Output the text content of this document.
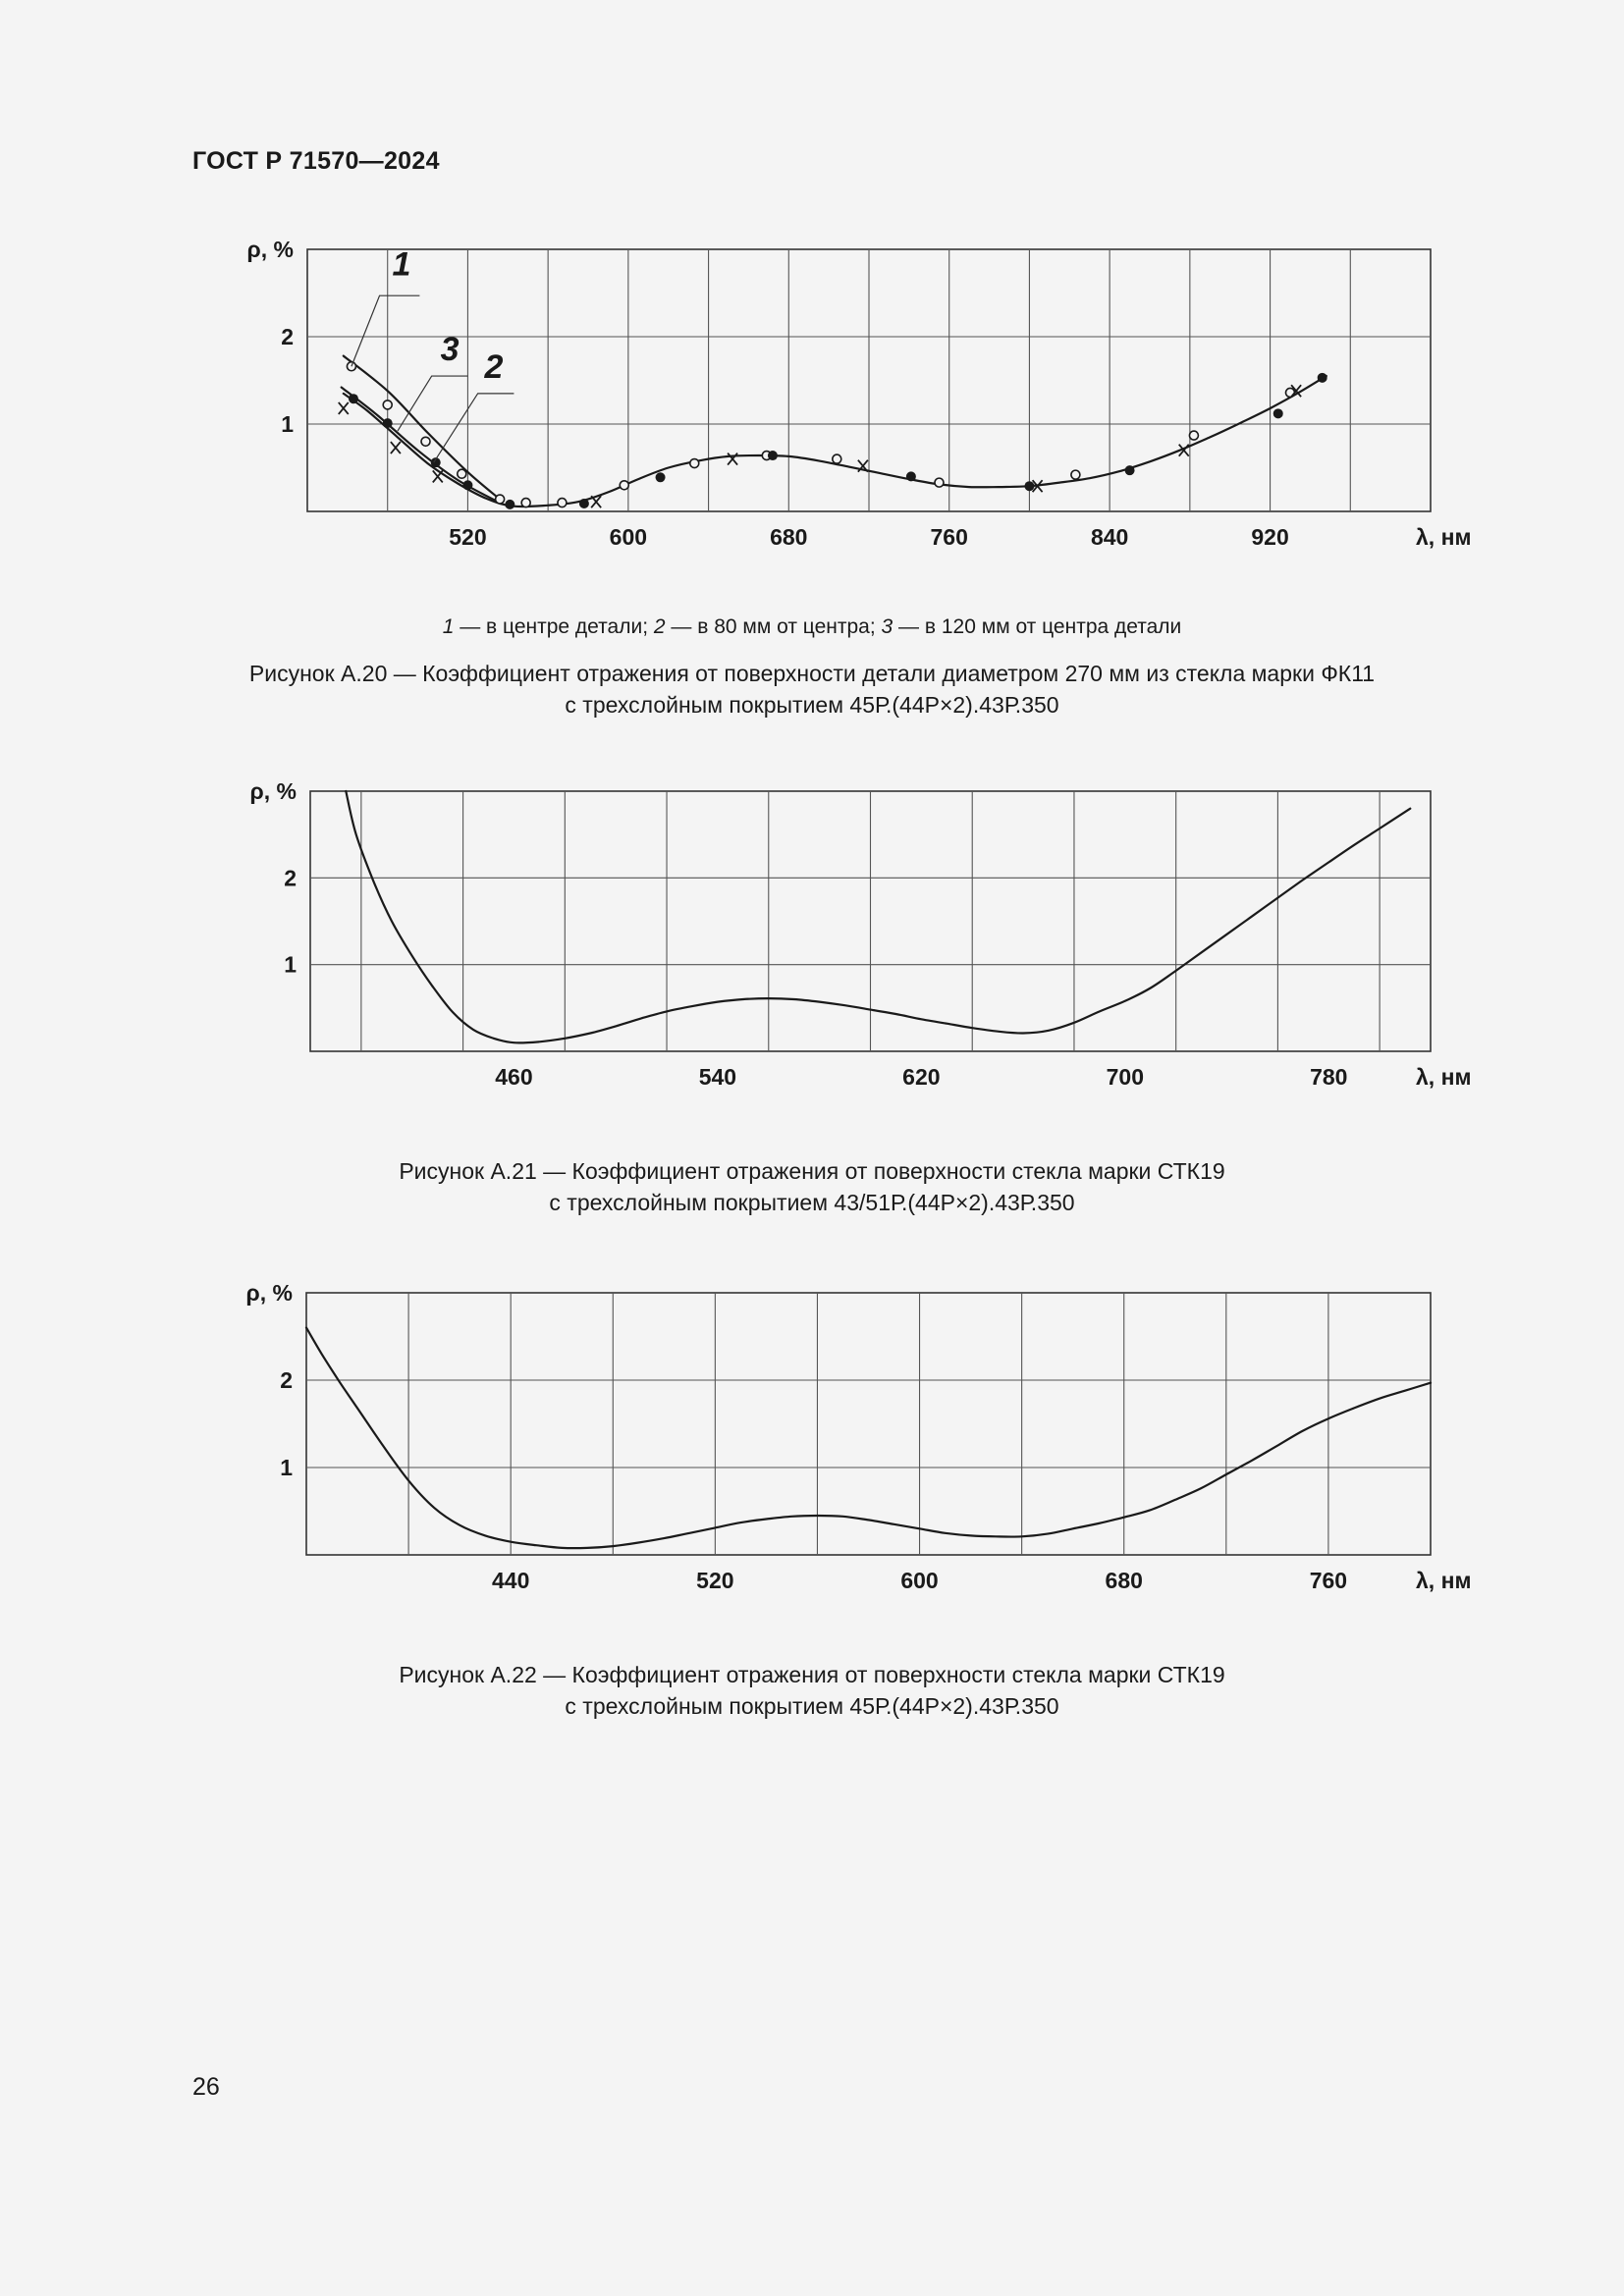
ГОСТ Р 71570—2024
520	600	680	760	840	920
1
2
λ, нм
ρ, %	1
3 2
1 — в центре детали; 2 — в 80 мм от центра; 3 — в 120 мм от центра детали
Рисунок А.20 — Коэффициент отражения от поверхности детали диаметром 270 мм из стекла марки ФК11
с трехслойным покрытием 45Р.(44Р×2).43Р.350
460	540	620	700	780
1
2
λ, нм
ρ, %
Рисунок А.21 — Коэффициент отражения от поверхности стекла марки СТК19
с трехслойным покрытием 43/51Р.(44Р×2).43Р.350
440	520	600	680	760
1
2
λ, нм
ρ, %
Рисунок А.22 — Коэффициент отражения от поверхности стекла марки СТК19
с трехслойным покрытием 45Р.(44Р×2).43Р.350
26
